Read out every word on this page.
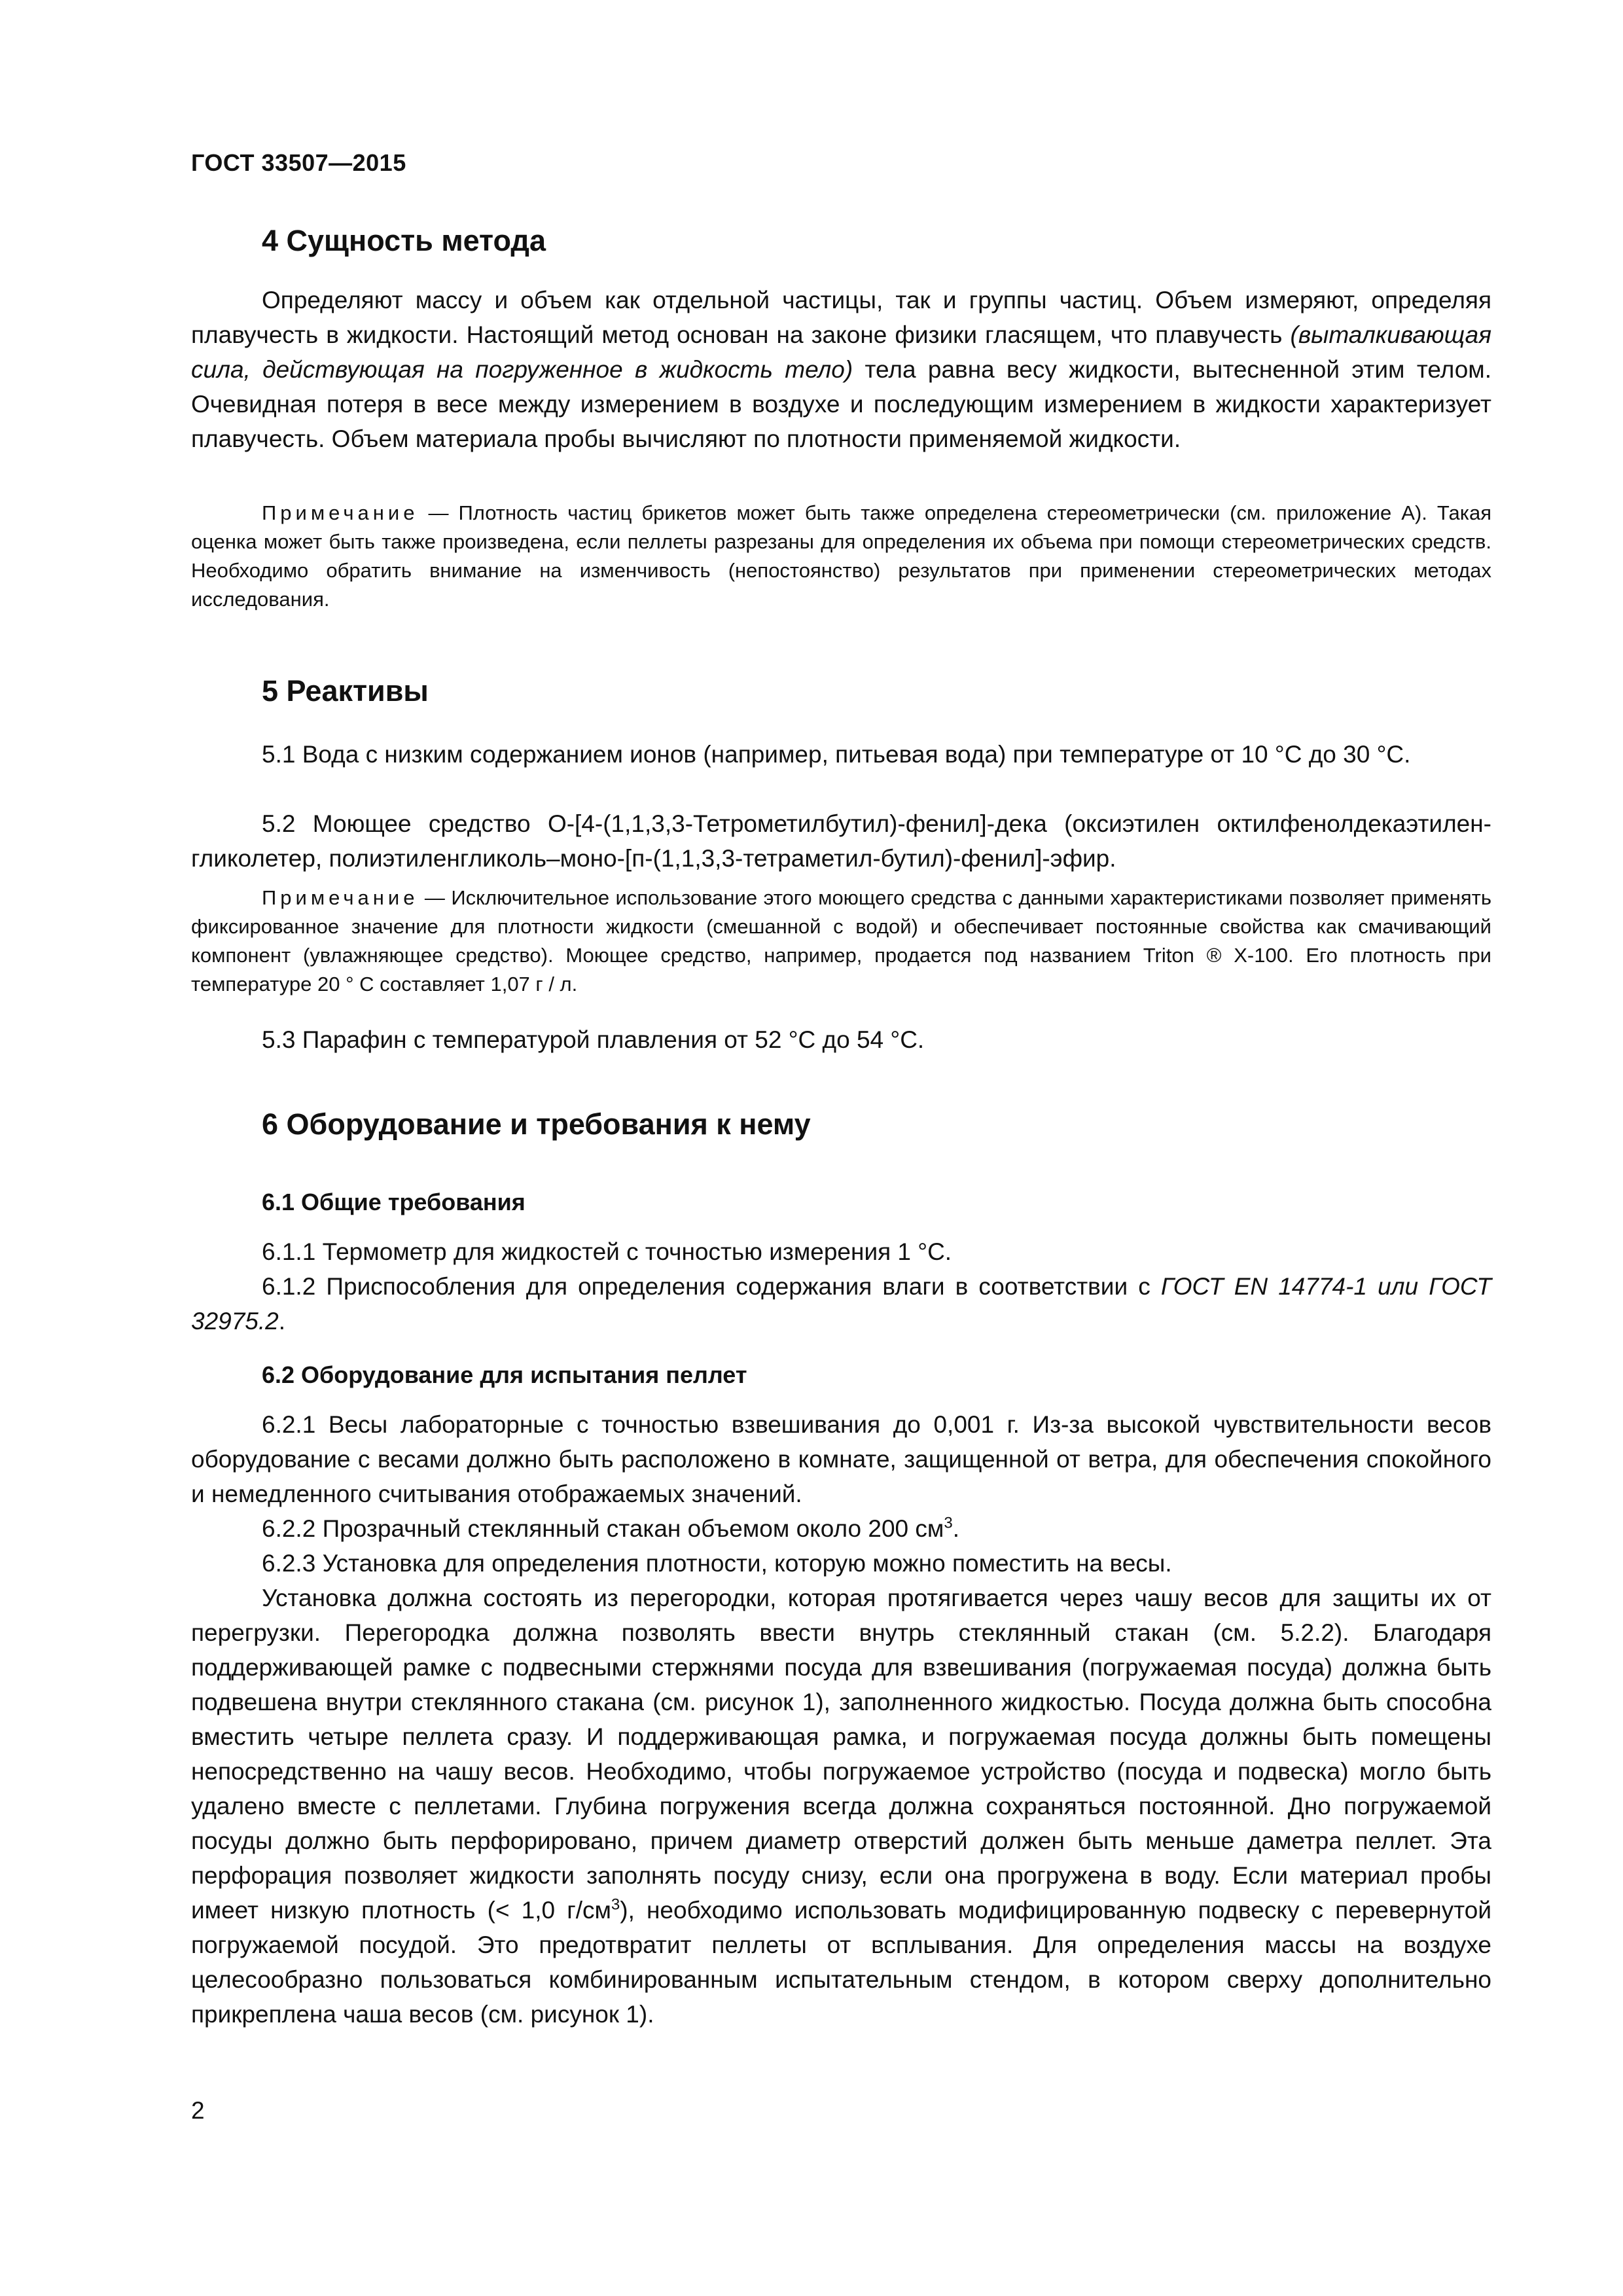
ГОСТ 33507—2015
4 Сущность метода
Определяют массу и объем как отдельной частицы, так и группы частиц. Объем измеряют, определяя плавучесть в жидкости. Настоящий метод основан на законе физики гласящем, что плавучесть (выталкивающая сила, действующая на погруженное в жидкость тело) тела равна весу жидкости, вытесненной этим телом. Очевидная потеря в весе между измерением в воздухе и последующим измерением в жидкости характеризует плавучесть. Объем материала пробы вычисляют по плотности применяемой жидкости.
Примечание — Плотность частиц брикетов может быть также определена стереометрически (см. приложение А). Такая оценка может быть также произведена, если пеллеты разрезаны для определения их объема при помощи стереометрических средств. Необходимо обратить внимание на изменчивость (непостоянство) результатов при применении стереометрических методах исследования.
5 Реактивы
5.1 Вода с низким содержанием ионов (например, питьевая вода) при температуре от 10 °С до 30 °С.
5.2 Моющее средство О-[4-(1,1,3,3-Тетрометилбутил)-фенил]-дека (оксиэтилен октилфенолдекаэтилен-гликолетер, полиэтиленгликоль–моно-[п-(1,1,3,3-тетраметил-бутил)-фенил]-эфир.
Примечание — Исключительное использование этого моющего средства с данными характеристиками позволяет применять фиксированное значение для плотности жидкости (смешанной с водой) и обеспечивает постоянные свойства как смачивающий компонент (увлажняющее средство). Моющее средство, например, продается под названием Triton ® X-100. Его плотность при температуре 20 ° С составляет 1,07 г / л.
5.3 Парафин с температурой плавления от 52 °С до 54 °С.
6 Оборудование и требования к нему
6.1 Общие требования
6.1.1 Термометр для жидкостей с точностью измерения 1 °С.
6.1.2 Приспособления для определения содержания влаги в соответствии с ГОСТ EN 14774-1 или ГОСТ 32975.2.
6.2 Оборудование для испытания пеллет
6.2.1 Весы лабораторные с точностью взвешивания до 0,001 г. Из-за высокой чувствительности весов оборудование с весами должно быть расположено в комнате, защищенной от ветра, для обеспечения спокойного и немедленного считывания отображаемых значений.
6.2.2 Прозрачный стеклянный стакан объемом около 200 $см^3$.
6.2.3 Установка для определения плотности, которую можно поместить на весы.
Установка должна состоять из перегородки, которая протягивается через чашу весов для защиты их от перегрузки. Перегородка должна позволять ввести внутрь стеклянный стакан (см. 5.2.2). Благодаря поддерживающей рамке с подвесными стержнями посуда для взвешивания (погружаемая посуда) должна быть подвешена внутри стеклянного стакана (см. рисунок 1), заполненного жидкостью. Посуда должна быть способна вместить четыре пеллета сразу. И поддерживающая рамка, и погружаемая посуда должны быть помещены непосредственно на чашу весов. Необходимо, чтобы погружаемое устройство (посуда и подвеска) могло быть удалено вместе с пеллетами. Глубина погружения всегда должна сохраняться постоянной. Дно погружаемой посуды должно быть перфорировано, причем диаметр отверстий должен быть меньше даметра пеллет. Эта перфорация позволяет жидкости заполнять посуду снизу, если она прогружена в воду. Если материал пробы имеет низкую плотность (< 1,0 $г/см^3$), необходимо использовать модифицированную подвеску с перевернутой погружаемой посудой. Это предотвратит пеллеты от всплывания. Для определения массы на воздухе целесообразно пользоваться комбинированным испытательным стендом, в котором сверху дополнительно прикреплена чаша весов (см. рисунок 1).
2
